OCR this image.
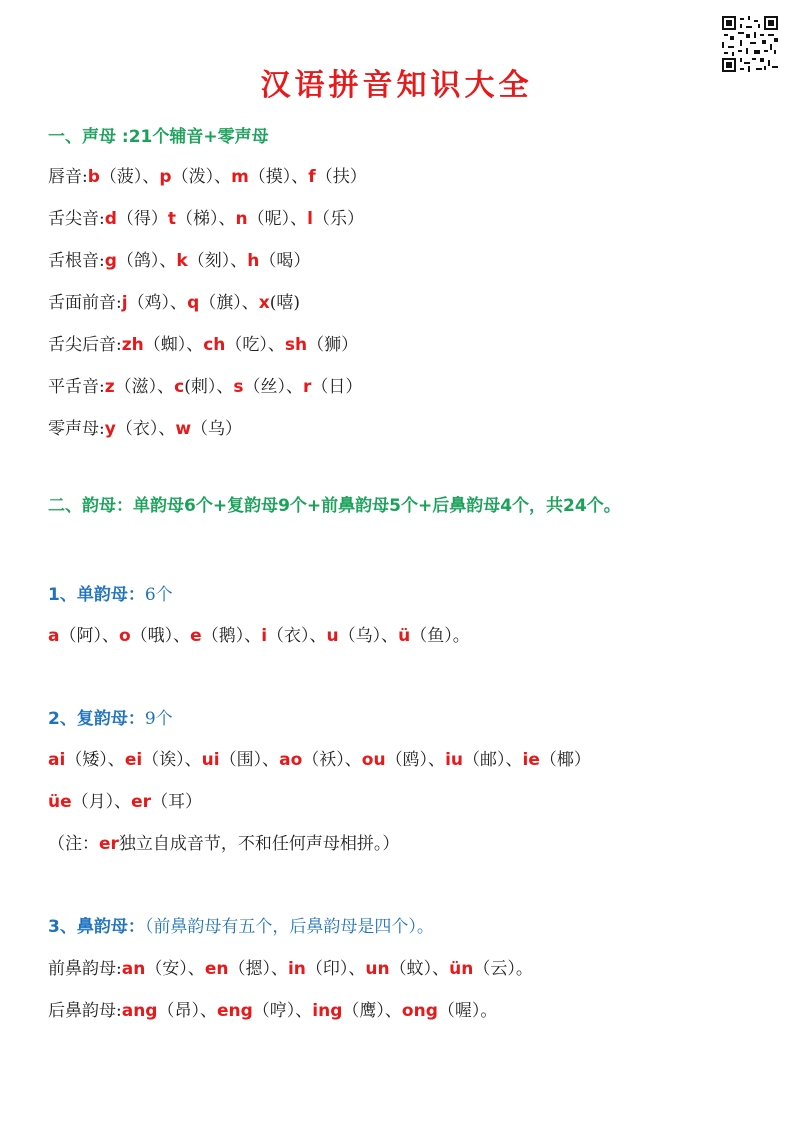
汉语拼音知识大全
一、声母 :21个辅音+零声母
唇音:b（菠）、p（泼）、m（摸）、f（扶）
舌尖音:d（得）t（梯）、n（呢）、l（乐）
舌根音:g（鸽）、k（刻）、h（喝）
舌面前音:j（鸡）、q（旗）、x(嘻)
舌尖后音:zh（蜘）、ch（吃）、sh（狮）
平舌音:z（滋）、c(刺）、s（丝）、r（日）
零声母:y（衣）、w（乌）
二、韵母：单韵母6个+复韵母9个+前鼻韵母5个+后鼻韵母4个，共24个。
1、单韵母：6个
a（阿）、o（哦）、e（鹅）、i（衣）、u（乌）、ü（鱼）。
2、复韵母：9个
ai（矮）、ei（诶）、ui（围）、ao（袄）、ou（鸥）、iu（邮）、ie（椰）
üe（月）、er（耳）
（注：er独立自成音节，不和任何声母相拼。）
3、鼻韵母：（前鼻韵母有五个，后鼻韵母是四个）。
前鼻韵母:an（安）、en（摁）、in（印）、un（蚊）、ün（云）。
后鼻韵母:ang（昂）、eng（哼）、ing（鹰）、ong（喔）。
